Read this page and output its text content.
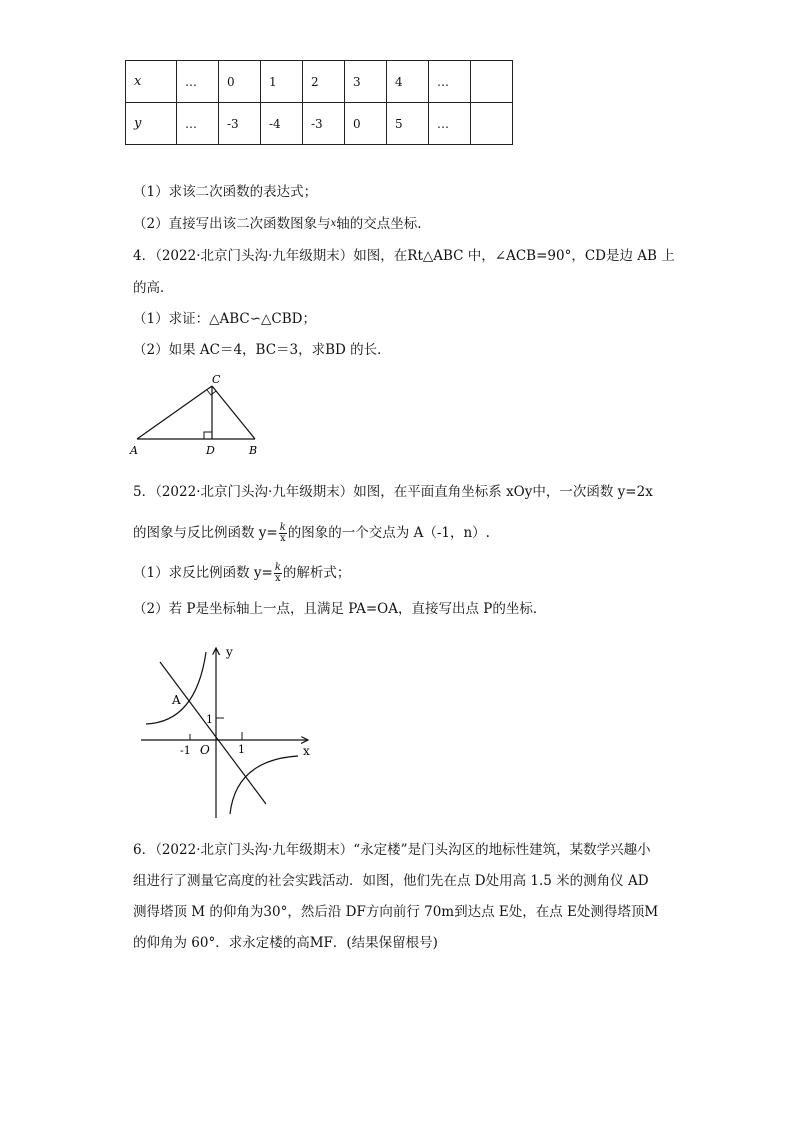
x	…	0	1	2	3	4	…	
y	…	-3	-4	-3	0	5	…	
（1）求该二次函数的表达式；
（2）直接写出该二次函数图象与x轴的交点坐标.
4．（2022·北京门头沟·九年级期末）如图，在Rt△ABC 中，∠ACB=90°，CD是边 AB 上
的高．
（1）求证：△ABC∽△CBD；
（2）如果 AC＝4，BC＝3，求BD 的长．
A	D	B
C
5．（2022·北京门头沟·九年级期末）如图，在平面直角坐标系 xOy中，一次函数 y=2x
的图象与反比例函数 $y= \frac{k}{x}$ 的图象的一个交点为 A（-1，n）.
（1）求反比例函数 $y= \frac{k}{x}$ 的解析式；
（2）若 P是坐标轴上一点，且满足 PA=OA，直接写出点 P的坐标．
y
x
A
1
O	1
-1
6．（2022·北京门头沟·九年级期末）“永定楼”是门头沟区的地标性建筑，某数学兴趣小
组进行了测量它高度的社会实践活动．如图，他们先在点 D处用高 1.5 米的测角仪 AD
测得塔顶 M 的仰角为30°，然后沿 DF方向前行 70m到达点 E处，在点 E处测得塔顶M
的仰角为 60°．求永定楼的高MF．(结果保留根号)
